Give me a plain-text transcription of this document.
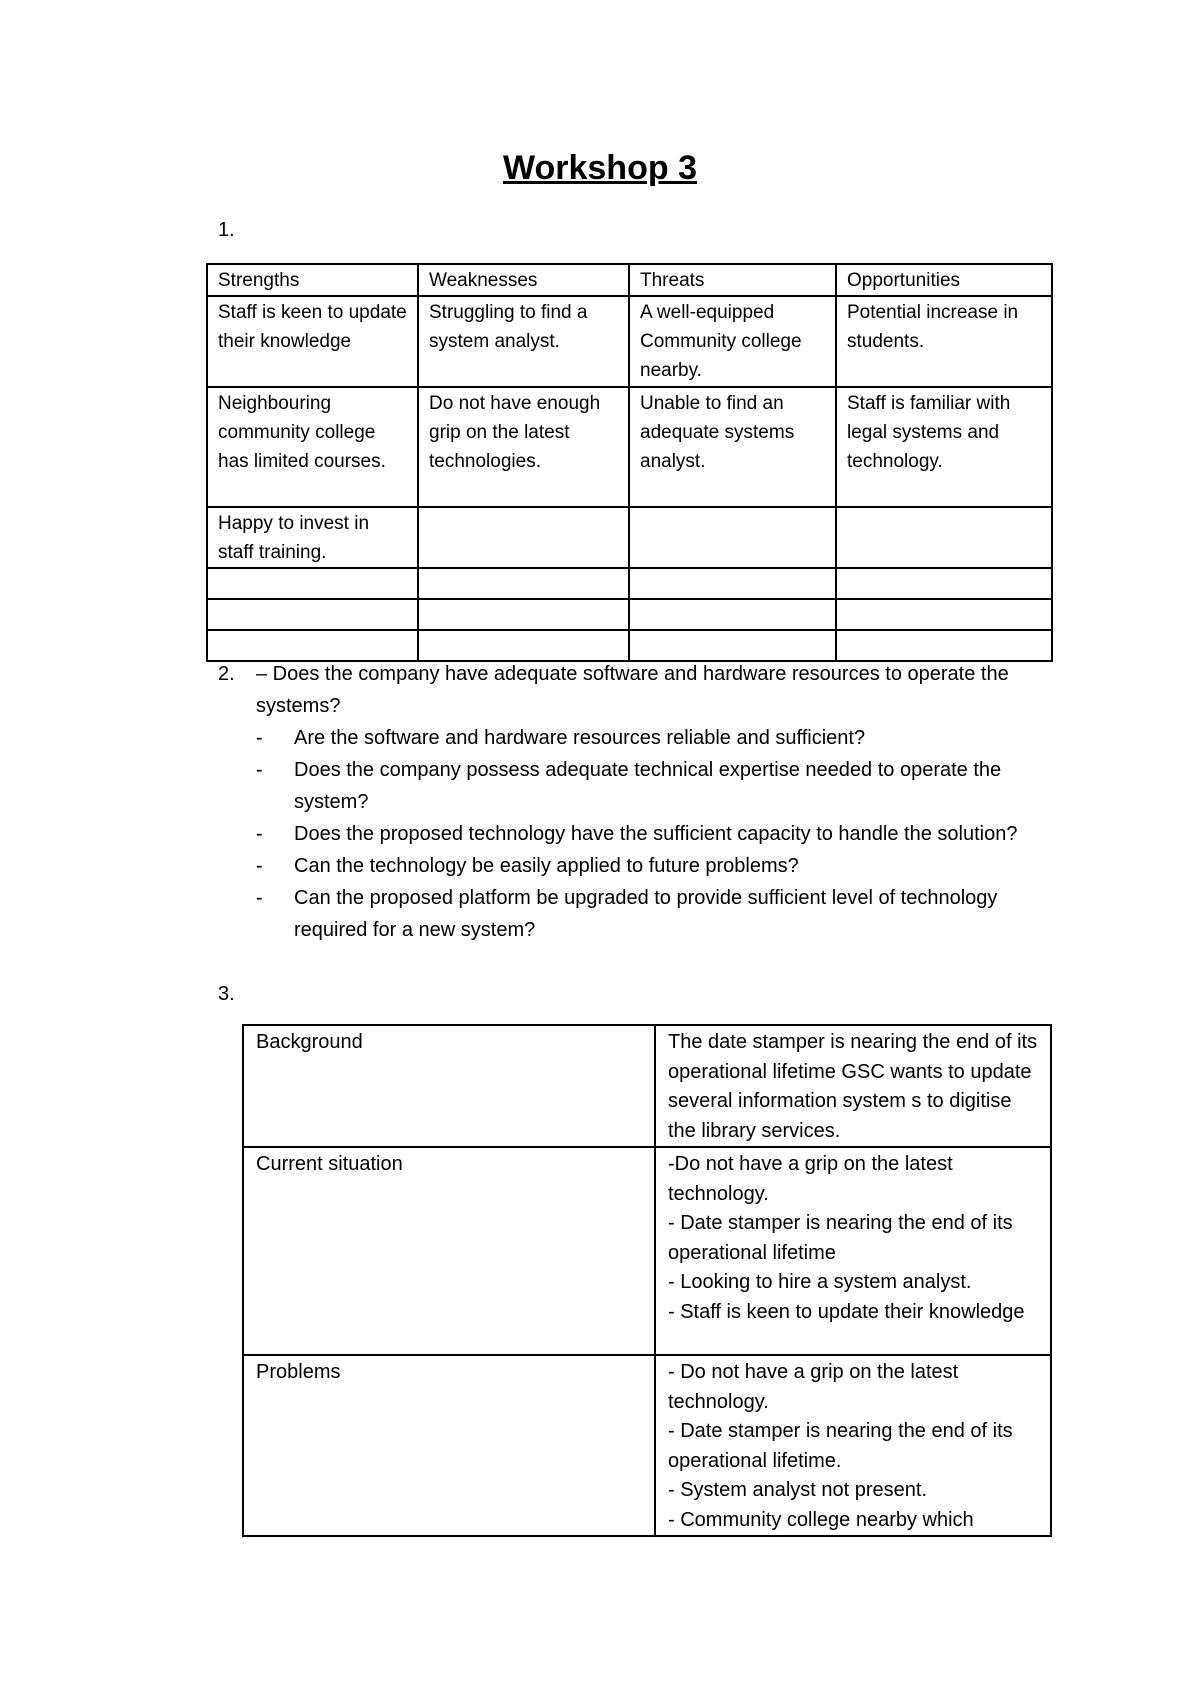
Workshop 3
1.
Strengths	Weaknesses	Threats	Opportunities
Staff is keen to update their knowledge	Struggling to find a system analyst.	A well-equipped Community college nearby.	Potential increase in students.
Neighbouring community college has limited courses.	Do not have enough grip on the latest technologies.	Unable to find an adequate systems analyst.	Staff is familiar with legal systems and technology.
Happy to invest in staff training.			

2.	– Does the company have adequate software and hardware resources to operate the systems?
-	Are the software and hardware resources reliable and sufficient?
-	Does the company possess adequate technical expertise needed to operate the system?
-	Does the proposed technology have the sufficient capacity to handle the solution?
-	Can the technology be easily applied to future problems?
-	Can the proposed platform be upgraded to provide sufficient level of technology required for a new system?
3.
Background	The date stamper is nearing the end of its operational lifetime GSC wants to update several information system s to digitise the library services.
Current situation	-Do not have a grip on the latest technology.
- Date stamper is nearing the end of its operational lifetime
- Looking to hire a system analyst.
- Staff is keen to update their knowledge

Problems	- Do not have a grip on the latest technology.
- Date stamper is nearing the end of its operational lifetime.
- System analyst not present.
- Community college nearby which
